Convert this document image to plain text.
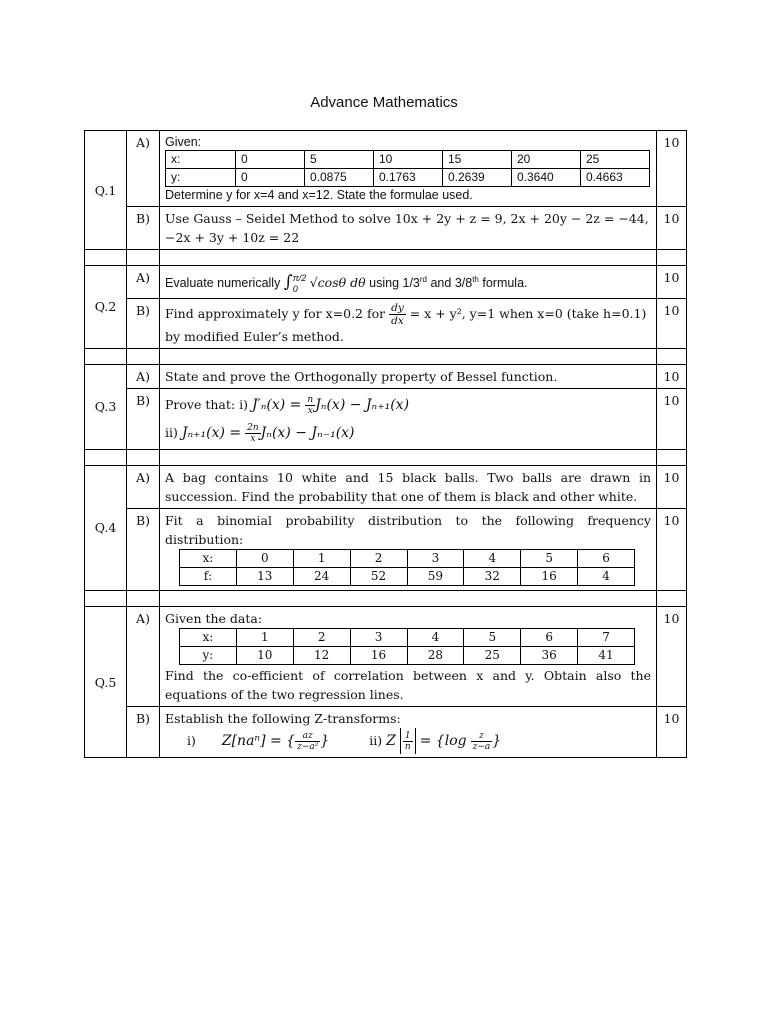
Advance Mathematics
Q.1	A)	Given:
x:	0	5	10	15	20	25
y:	0	0.0875	0.1763	0.2639	0.3640	0.4663
Determine y for x=4 and x=12. State the formulae used.
	10
B)	Use Gauss – Seidel Method to solve 10x + 2y + z = 9, 2x + 20y − 2z = −44, −2x + 3y + 10z = 22	10

Q.2	A)	Evaluate numerically ∫ π/2
0 √cosθ dθ using 1/3rd and 3/8th formula.	10
B)	Find approximately y for x=0.2 for $\frac{dy}{dx} = x + y^2$, y=1 when x=0 (take h=0.1) by modified Euler’s method.	10

Q.3	A)	State and prove the Orthogonally property of Bessel function.	10
B)	Prove that: i) $J'_n(x) = \frac{n}{x} J_n(x) - J_{n+1}(x)$
ii) $J_{n+1}(x) = \frac{2n}{x} J_n(x) - J_{n-1}(x)$
	10

Q.4	A)	A bag contains 10 white and 15 black balls. Two balls are drawn in succession. Find the probability that one of them is black and other white.	10
B)	Fit a binomial probability distribution to the following frequency distribution:
x:	0	1	2	3	4	5	6
f:	13	24	52	59	32	16	4
	10

Q.5	A)	Given the data:
x:	1	2	3	4	5	6	7
y:	10	12	16	28	25	36	41
Find the co-efficient of correlation between x and y. Obtain also the equations of the two regression lines.
	10
B)	Establish the following Z-transforms:
i) Z[naⁿ] = { $\frac{az}{\text{z−a²}}$ }	ii) Z $\frac{1}{n} = \{\log \frac{z}{z-a}$ }
	10
